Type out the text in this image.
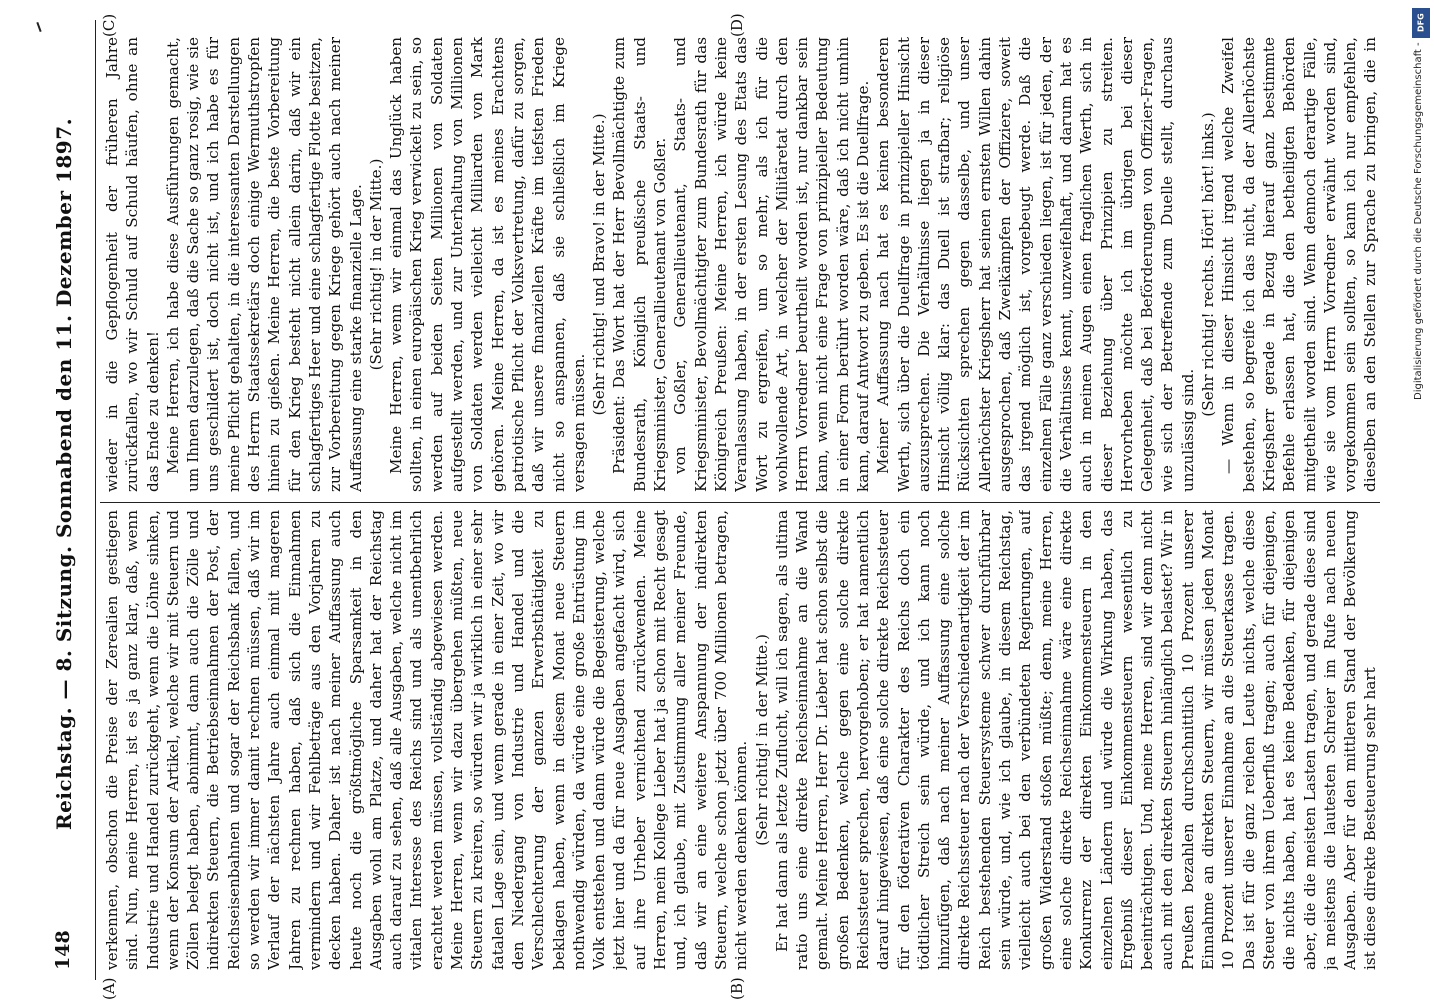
148
Reichstag. — 8. Sitzung. Sonnabend den 11. Dezember 1897.
(A)	(B)
(C)	(D)

verkennen, obschon die Preise der Zerealien gestiegen sind. Nun, meine Herren, ist es ja ganz klar, daß, wenn Industrie und Handel zurückgeht, wenn die Löhne sinken, wenn der Konsum der Artikel, welche wir mit Steuern und Zöllen belegt haben, abnimmt, dann auch die Zölle und indirekten Steuern, die Betriebseinnahmen der Post, der Reichseisenbahnen und sogar der Reichsbank fallen, und so werden wir immer damit rechnen müssen, daß wir im Verlauf der nächsten Jahre auch einmal mit mageren Jahren zu rechnen haben, daß sich die Einnahmen vermindern und wir Fehlbeträge aus den Vorjahren zu decken haben. Daher ist nach meiner Auffassung auch heute noch die größtmögliche Sparsamkeit in den Ausgaben wohl am Platze, und daher hat der Reichstag auch darauf zu sehen, daß alle Ausgaben, welche nicht im vitalen Interesse des Reichs sind und als unentbehrlich erachtet werden müssen, vollständig abgewiesen werden. Meine Herren, wenn wir dazu übergehen müßten, neue Steuern zu kreiren, so würden wir ja wirklich in einer sehr fatalen Lage sein, und wenn gerade in einer Zeit, wo wir den Niedergang von Industrie und Handel und die Verschlechterung der ganzen Erwerbsthätigkeit zu beklagen haben, wenn in diesem Monat neue Steuern nothwendig würden, da würde eine große Entrüstung im Volk entstehen und dann würde die Begeisterung, welche jetzt hier und da für neue Ausgaben angefacht wird, sich auf ihre Urheber vernichtend zurückwenden. Meine Herren, mein Kollege Lieber hat ja schon mit Recht gesagt und, ich glaube, mit Zustimmung aller meiner Freunde, daß wir an eine weitere Anspannung der indirekten Steuern, welche schon jetzt über 700 Millionen betragen, nicht werden denken können.

(Sehr richtig! in der Mitte.) Er hat dann als letzte Zuflucht, will ich sagen, als ultima ratio uns eine direkte Reichseinnahme an die Wand gemalt. Meine Herren, Herr Dr. Lieber hat schon selbst die großen Bedenken, welche gegen eine solche direkte Reichssteuer sprechen, hervorgehoben; er hat namentlich darauf hingewiesen, daß eine solche direkte Reichssteuer für den föderativen Charakter des Reichs doch ein tödtlicher Streich sein würde, und ich kann noch hinzufügen, daß nach meiner Auffassung eine solche direkte Reichssteuer nach der Verschiedenartigkeit der im Reich bestehenden Steuersysteme schwer durchführbar sein würde, und, wie ich glaube, in diesem Reichstag, vielleicht auch bei den verbündeten Regierungen, auf großen Widerstand stoßen müßte; denn, meine Herren, eine solche direkte Reichseinnahme wäre eine direkte Konkurrenz der direkten Einkommensteuern in den einzelnen Ländern und würde die Wirkung haben, das Ergebniß dieser Einkommensteuern wesentlich zu beeinträchtigen. Und, meine Herren, sind wir denn nicht auch mit den direkten Steuern hinlänglich belastet? Wir in Preußen bezahlen durchschnittlich 10 Prozent unserer Einnahme an direkten Steuern, wir müssen jeden Monat 10 Prozent unserer Einnahme an die Steuerkasse tragen. Das ist für die ganz reichen Leute nichts, welche diese Steuer von ihrem Ueberfluß tragen; auch für diejenigen, die nichts haben, hat es keine Bedenken, für diejenigen aber, die die meisten Lasten tragen, und gerade diese sind ja meistens die lautesten Schreier im Rufe nach neuen Ausgaben. Aber für den mittleren Stand der Bevölkerung ist diese direkte Besteuerung sehr hart

wieder in die Gepflogenheit der früheren Jahre zurückfallen, wo wir Schuld auf Schuld häufen, ohne an das Ende zu denken! Meine Herren, ich habe diese Ausführungen gemacht, um Ihnen darzulegen, daß die Sache so ganz rosig, wie sie uns geschildert ist, doch nicht ist, und ich habe es für meine Pflicht gehalten, in die interessanten Darstellungen des Herrn Staatssekretärs doch einige Wermuthstropfen hinein zu gießen. Meine Herren, die beste Vorbereitung für den Krieg besteht nicht allein darin, daß wir ein schlagfertiges Heer und eine schlagfertige Flotte besitzen, zur Vorbereitung gegen Kriege gehört auch nach meiner Auffassung eine starke finanzielle Lage. (Sehr richtig! in der Mitte.) Meine Herren, wenn wir einmal das Unglück haben sollten, in einen europäischen Krieg verwickelt zu sein, so werden auf beiden Seiten Millionen von Soldaten aufgestellt werden, und zur Unterhaltung von Millionen von Soldaten werden vielleicht Milliarden von Mark gehören. Meine Herren, da ist es meines Erachtens patriotische Pflicht der Volksvertretung, dafür zu sorgen, daß wir unsere finanziellen Kräfte im tiefsten Frieden nicht so anspannen, daß sie schließlich im Kriege versagen müssen.

(Sehr richtig! und Bravo! in der Mitte.) Präsident: Das Wort hat der Herr Bevollmächtigte zum Bundesrath, Königlich preußische Staats- und Kriegsminister, Generallieutenant von Goßler. von Goßler, Generallieutenant, Staats- und Kriegsminister, Bevollmächtigter zum Bundesrath für das Königreich Preußen: Meine Herren, ich würde keine Veranlassung haben, in der ersten Lesung des Etats das Wort zu ergreifen, um so mehr, als ich für die wohlwollende Art, in welcher der Militäretat durch den Herrn Vorredner beurtheilt worden ist, nur dankbar sein kann, wenn nicht eine Frage von prinzipieller Bedeutung in einer Form berührt worden wäre, daß ich nicht umhin kann, darauf Antwort zu geben. Es ist die Duellfrage. Meiner Auffassung nach hat es keinen besonderen Werth, sich über die Duellfrage in prinzipieller Hinsicht auszusprechen. Die Verhältnisse liegen ja in dieser Hinsicht völlig klar: das Duell ist strafbar; religiöse Rücksichten sprechen gegen dasselbe, und unser Allerhöchster Kriegsherr hat seinen ernsten Willen dahin ausgesprochen, daß Zweikämpfen der Offiziere, soweit das irgend möglich ist, vorgebeugt werde. Daß die einzelnen Fälle ganz verschieden liegen, ist für jeden, der die Verhältnisse kennt, unzweifelhaft, und darum hat es auch in meinen Augen einen fraglichen Werth, sich in dieser Beziehung über Prinzipien zu streiten. Hervorheben möchte ich im übrigen bei dieser Gelegenheit, daß bei Beförderungen von Offizier-Fragen, wie sich der Betreffende zum Duelle stellt, durchaus unzulässig sind.

(Sehr richtig! rechts. Hört! hört! links.)

— Wenn in dieser Hinsicht irgend welche Zweifel bestehen, so begreife ich das nicht, da der Allerhöchste Kriegsherr gerade in Bezug hierauf ganz bestimmte Befehle erlassen hat, die den betheiligten Behörden mitgetheilt worden sind. Wenn dennoch derartige Fälle, wie sie vom Herrn Vorredner erwähnt worden sind, vorgekommen sein sollten, so kann ich nur empfehlen, dieselben an den Stellen zur Sprache zu bringen, die in

DFG
Digitalisierung gefördert durch die Deutsche Forschungsgemeinschaft -
